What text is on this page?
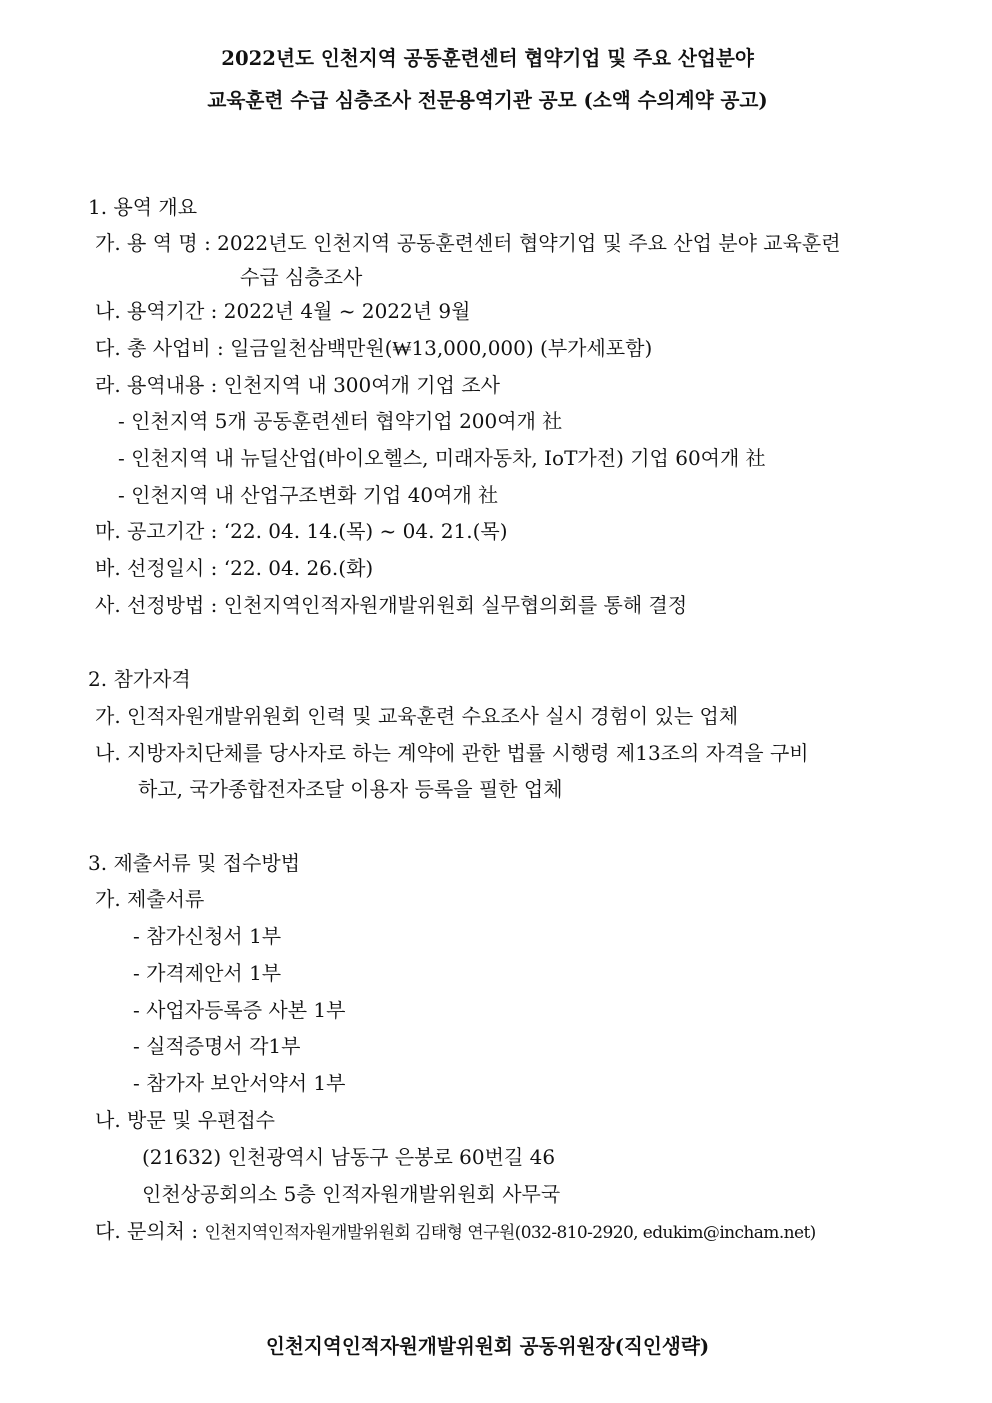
2022년도 인천지역 공동훈련센터 협약기업 및 주요 산업분야
교육훈련 수급 심층조사 전문용역기관 공모 (소액 수의계약 공고)
1. 용역 개요
가. 용 역 명 : 2022년도 인천지역 공동훈련센터 협약기업 및 주요 산업 분야 교육훈련
수급 심층조사
나. 용역기간 : 2022년 4월 ~ 2022년 9월
다. 총 사업비 : 일금일천삼백만원(₩13,000,000) (부가세포함)
라. 용역내용 : 인천지역 내 300여개 기업 조사
- 인천지역 5개 공동훈련센터 협약기업 200여개 社
- 인천지역 내 뉴딜산업(바이오헬스, 미래자동차, IoT가전) 기업 60여개 社
- 인천지역 내 산업구조변화 기업 40여개 社
마. 공고기간 : ‘22. 04. 14.(목) ~ 04. 21.(목)
바. 선정일시 : ‘22. 04. 26.(화)
사. 선정방법 : 인천지역인적자원개발위원회 실무협의회를 통해 결정
2. 참가자격
가. 인적자원개발위원회 인력 및 교육훈련 수요조사 실시 경험이 있는 업체
나. 지방자치단체를 당사자로 하는 계약에 관한 법률 시행령 제13조의 자격을 구비
하고, 국가종합전자조달 이용자 등록을 필한 업체
3. 제출서류 및 접수방법
가. 제출서류
- 참가신청서 1부
- 가격제안서 1부
- 사업자등록증 사본 1부
- 실적증명서 각1부
- 참가자 보안서약서 1부
나. 방문 및 우편접수
(21632) 인천광역시 남동구 은봉로 60번길 46
인천상공회의소 5층 인적자원개발위원회 사무국
다. 문의처 : 인천지역인적자원개발위원회 김태형 연구원(032-810-2920, edukim@incham.net)
인천지역인적자원개발위원회 공동위원장(직인생략)
